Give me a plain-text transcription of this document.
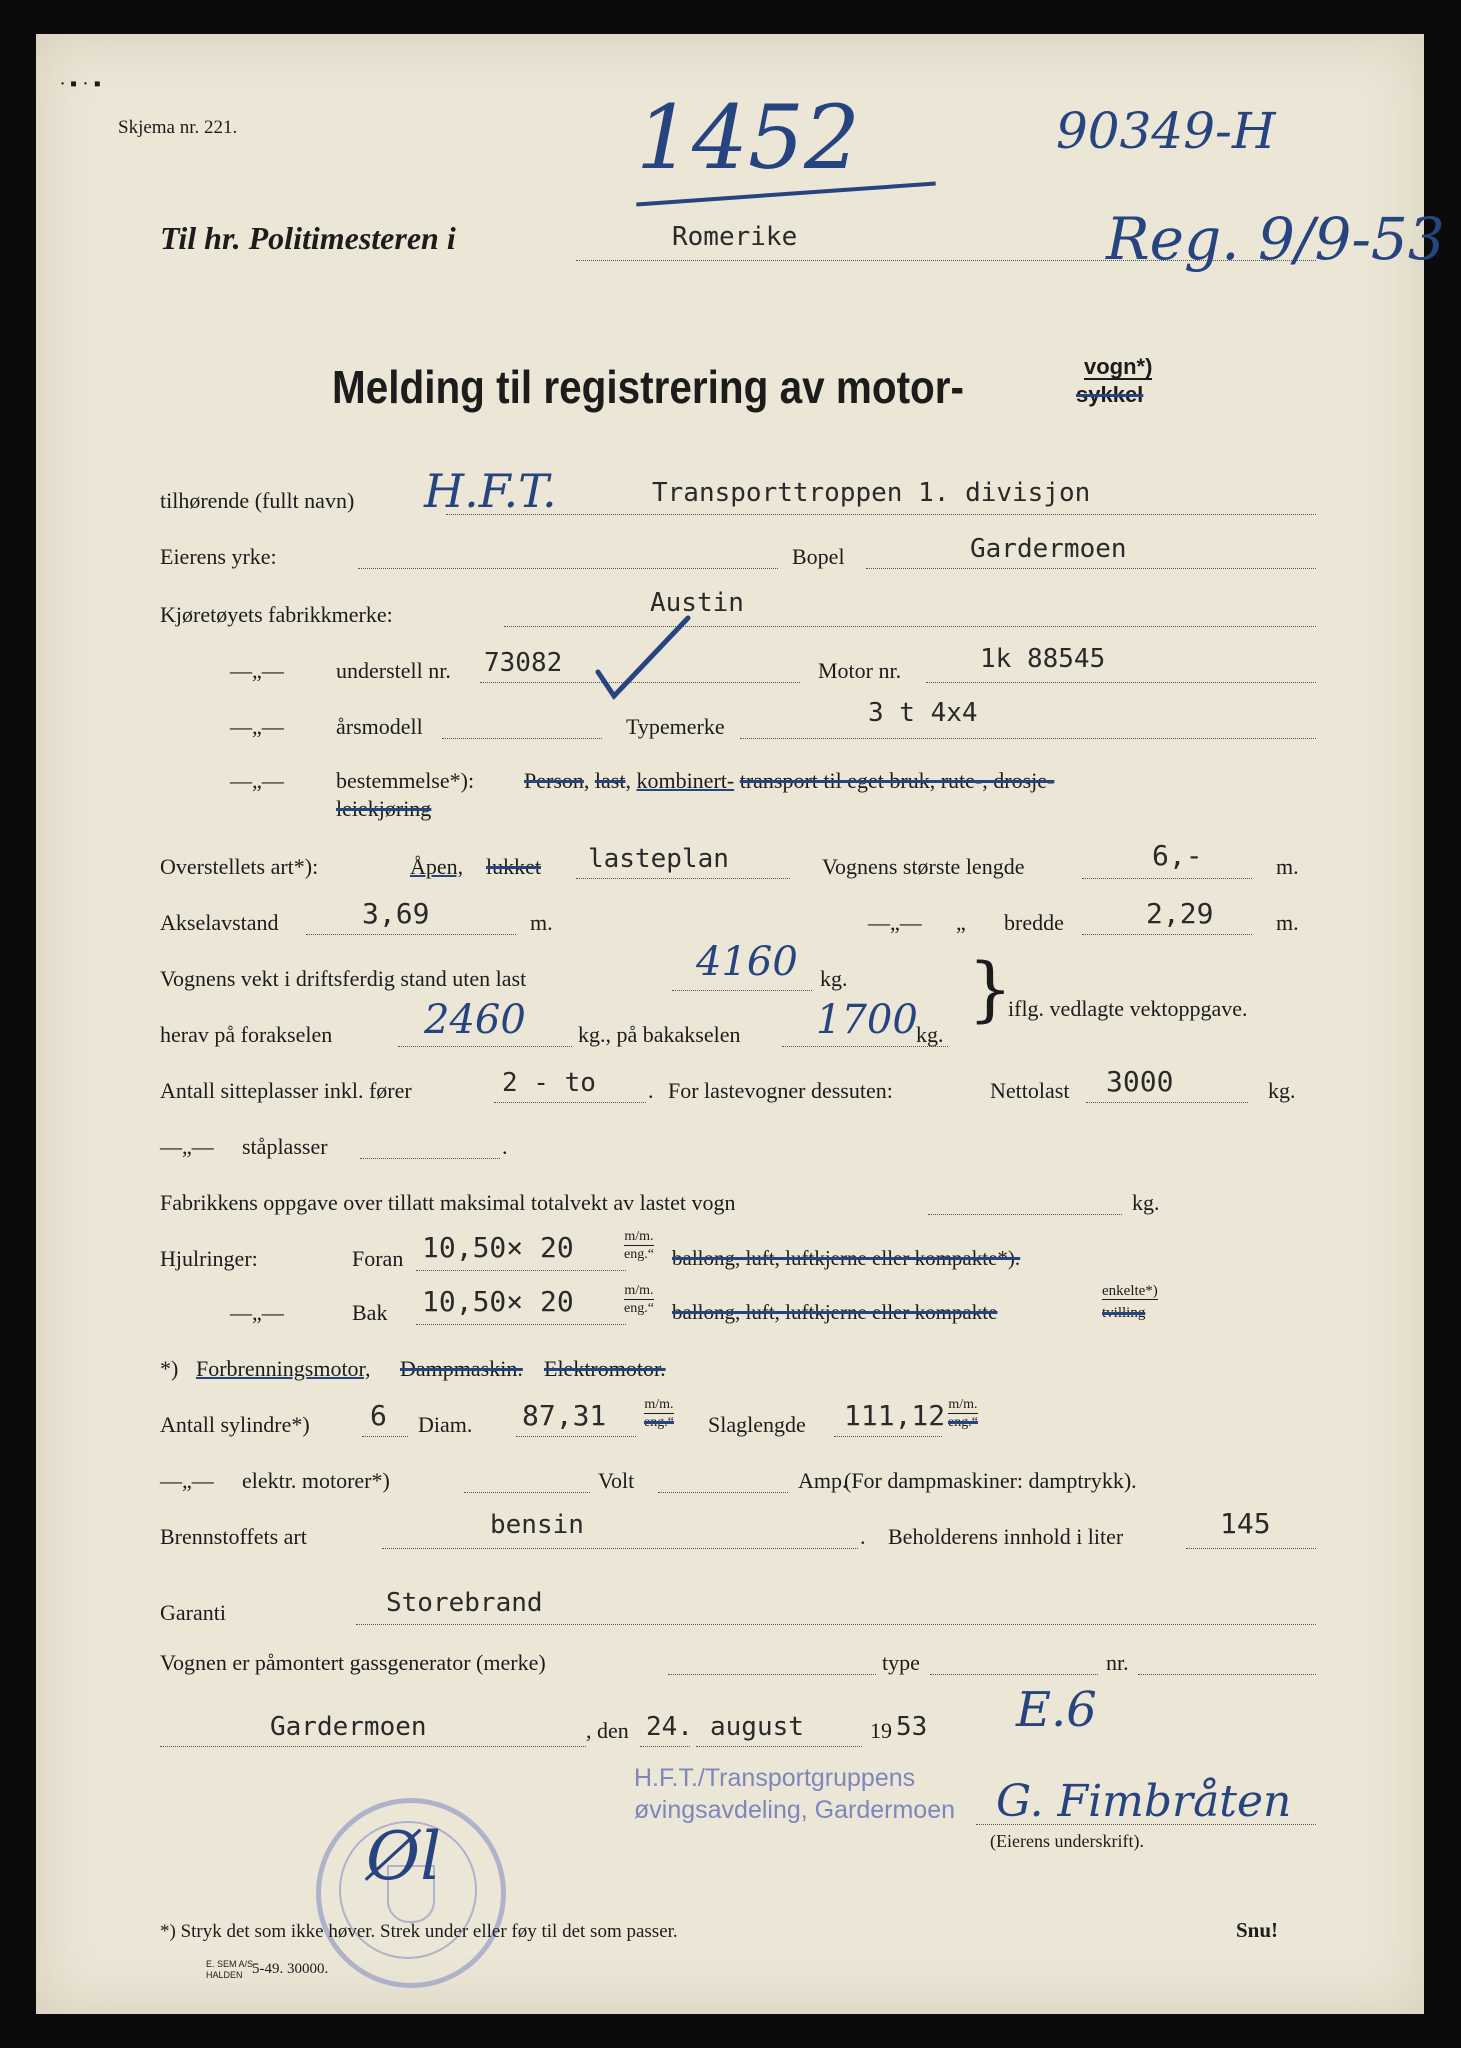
∙ ▪ · ▪
Skjema nr. 221.	1452	90349-H
Til hr. Politimesteren i	Romerike	Reg. 9/9-53
Melding til registrering av motor-	vogn*)
sykkel
tilhørende (fullt navn) H.F.T.	Transporttroppen 1. divisjon
Eierens yrke:	Bopel	Gardermoen
Kjøretøyets fabrikkmerke:	Austin
—„— understell nr. 73082	Motor nr.	1k 88545
—„— årsmodell	Typemerke	3 t 4x4
—„— bestemmelse*): Person, last, kombinert- transport til eget bruk, rute-, drosje-
leiekjøring
Overstellets art*):	Åpen, lukket lasteplan	Vognens største lengde	6,-	m.
Akselavstand	3,69	m.	—„— „ bredde	2,29	m.
Vognens vekt i driftsferdig stand uten last	4160 kg. }
iflg. vedlagte vektoppgave.
herav på forakselen 2460 kg., på bakakselen 1700
kg.
Antall sitteplasser inkl. fører	2 - to . For lastevogner dessuten:	Nettolast 3000	kg.
—„— ståplasser	.
Fabrikkens oppgave over tillatt maksimal totalvekt av lastet vogn	kg.
Hjulringer:	Foran 10,50× 20	m/m.
eng.“ ballong, luft, luftkjerne eller kompakte*).
—„—	Bak 10,50× 20	m/m.
eng.“ ballong, luft, luftkjerne eller kompakte
enkelte*)
tvilling
*) Forbrenningsmotor, Dampmaskin. Elektromotor.
Antall sylindre*) 6 Diam. 87,31	m/m.
eng.“ Slaglengde 111,12 m/m.
eng.“
—„— elektr. motorer*)	Volt	Amp.
(For dampmaskiner: damptrykk).
Brennstoffets art	bensin	. Beholderens innhold i liter	145
Garanti	Storebrand
Vognen er påmontert gassgenerator (merke)	type	nr.
Gardermoen	, den 24. august	19 53 E.6
H.F.T./Transportgruppens
øvingsavdeling, Gardermoen G. Fimbråten
(Eierens underskrift).
Øl
*) Stryk det som ikke høver. Strek under eller føy til det som passer.	Snu!
E. SEM A/S
HALDEN 5-49. 30000.
